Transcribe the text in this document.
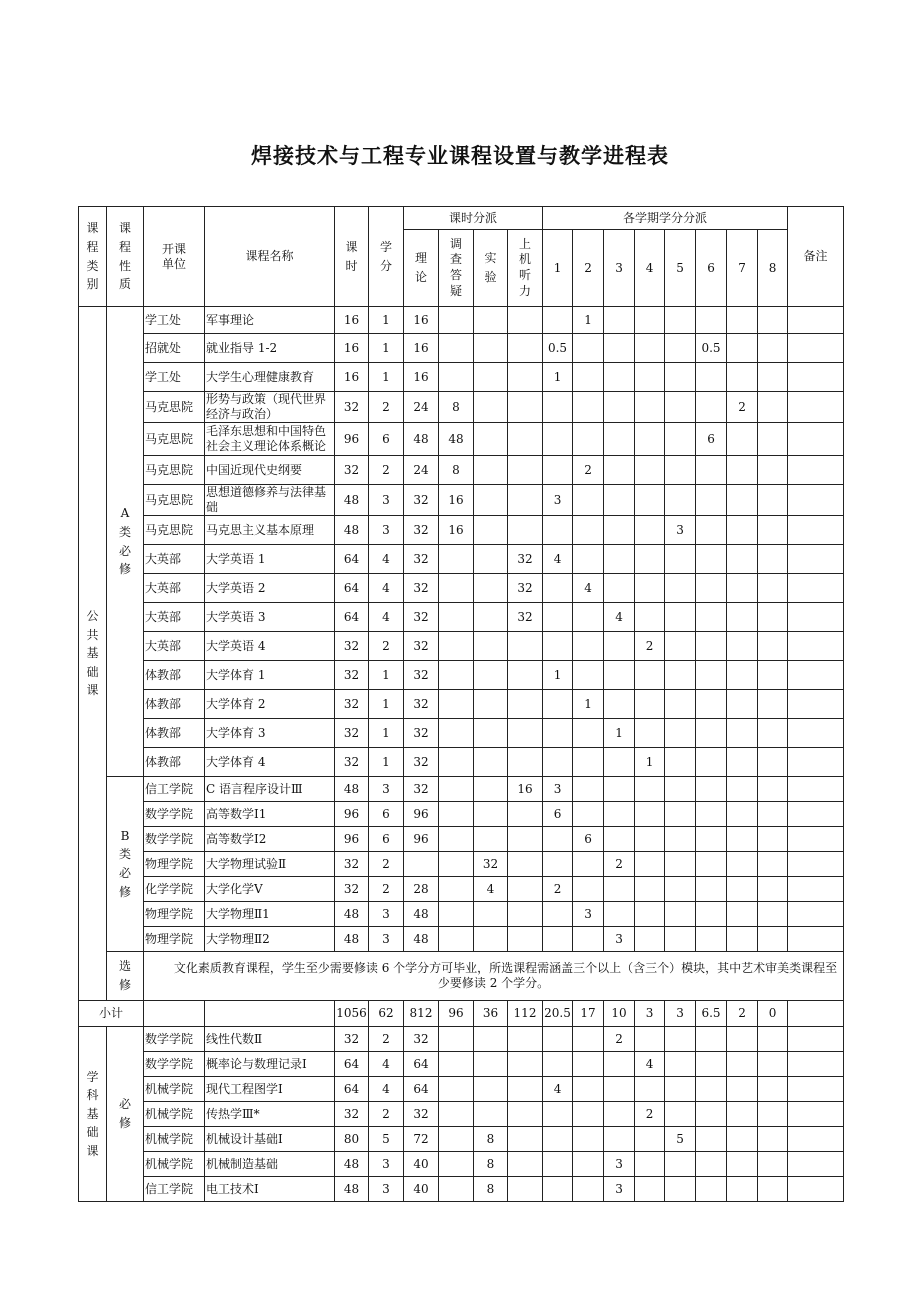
焊接技术与工程专业课程设置与教学进程表
课程类别	课程性质	开课单位	课程名称	课时	学分	课时分派				各学期学分分派								备注
						理论	调查答疑	实验	上机听力	1	2	3	4	5	6	7	8	
公共基础课	A类必修	学工处	军事理论	16	1	16					1							
		招就处	就业指导 1-2	16	1	16				0.5					0.5			
		学工处	大学生心理健康教育	16	1	16				1								
		马克思院	形势与政策（现代世界经济与政治）	32	2	24	8									2		
		马克思院	毛泽东思想和中国特色社会主义理论体系概论	96	6	48	48								6			
		马克思院	中国近现代史纲要	32	2	24	8				2							
		马克思院	思想道德修养与法律基础	48	3	32	16			3								
		马克思院	马克思主义基本原理	48	3	32	16							3				
		大英部	大学英语 1	64	4	32			32	4								
		大英部	大学英语 2	64	4	32			32		4							
		大英部	大学英语 3	64	4	32			32			4						
		大英部	大学英语 4	32	2	32							2					
		体教部	大学体育 1	32	1	32				1								
		体教部	大学体育 2	32	1	32					1							
		体教部	大学体育 3	32	1	32						1						
		体教部	大学体育 4	32	1	32							1					
	B类必修	信工学院	C 语言程序设计Ⅲ	48	3	32			16	3								
		数学学院	高等数学Ⅰ1	96	6	96				6								
		数学学院	高等数学Ⅰ2	96	6	96					6							
		物理学院	大学物理试验Ⅱ	32	2			32				2						
		化学学院	大学化学Ⅴ	32	2	28		4		2								
		物理学院	大学物理Ⅱ1	48	3	48					3							
		物理学院	大学物理Ⅱ2	48	3	48						3						
	选修	文化素质教育课程，学生至少需要修读 6 个学分方可毕业，所选课程需涵盖三个以上（含三个）模块，其中艺术审美类课程至少要修读 2 个学分。																
小计				1056	62	812	96	36	112	20.5	17	10	3	3	6.5	2	0	
学科基础课	必修	数学学院	线性代数Ⅱ	32	2	32						2						
		数学学院	概率论与数理记录Ⅰ	64	4	64							4					
		机械学院	现代工程图学Ⅰ	64	4	64				4								
		机械学院	传热学Ⅲ*	32	2	32							2					
		机械学院	机械设计基础Ⅰ	80	5	72		8						5				
		机械学院	机械制造基础	48	3	40		8				3						
		信工学院	电工技术Ⅰ	48	3	40		8				3						
